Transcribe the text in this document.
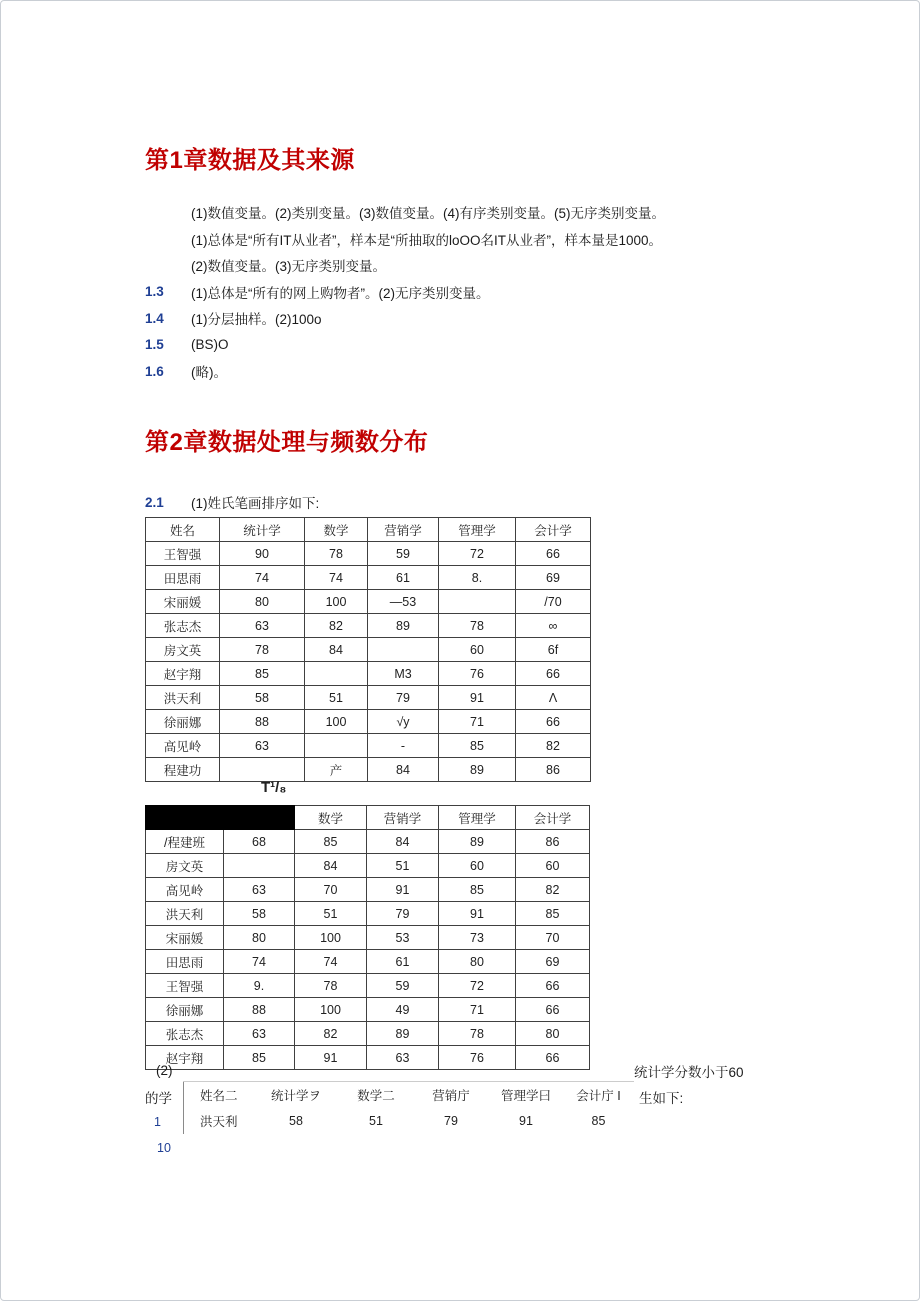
第1章数据及其来源
(1)数值变量。(2)类别变量。(3)数值变量。(4)有序类别变量。(5)无序类别变量。
(1)总体是“所有IT从业者”，样本是“所抽取的loOO名IT从业者”，样本量是1000。
(2)数值变量。(3)无序类别变量。
1.3	(1)总体是“所有的网上购物者”。(2)无序类别变量。
1.4	(1)分层抽样。(2)100o
1.5	(BS)O
1.6	(略)。
第2章数据处理与频数分布
2.1	(1)姓氏笔画排序如下:
姓名	统计学	数学	营销学	管理学	会计学
王智强	90	78	59	72	66
田思雨	74	74	61	8.	69
宋丽媛	80	100	—53		/70
张志杰	63	82	89	78	∞
房文英	78	84		60	6f
赵宇翔	85		M3	76	66
洪天利	58	51	79	91	Λ
徐丽娜	88	100	√y	71	66
高见岭	63		-	85	82
程建功		产	84	89	86
T¹/₈
		数学	营销学	管理学	会计学
/程建班	68	85	84	89	86
房文英		84	51	60	60
高见岭	63	70	91	85	82
洪天利	58	51	79	91	85
宋丽媛	80	100	53	73	70
田思雨	74	74	61	80	69
王智强	9.	78	59	72	66
徐丽娜	88	100	49	71	66
张志杰	63	82	89	78	80
赵宇翔	85	91	63	76	66
(2)	统计学分数小于60
的学	生如下:
姓名二	统计学ヲ	数学二	营销庁	管理学曰	会计庁 I
洪天利	58	51	79	91	85
1
10
